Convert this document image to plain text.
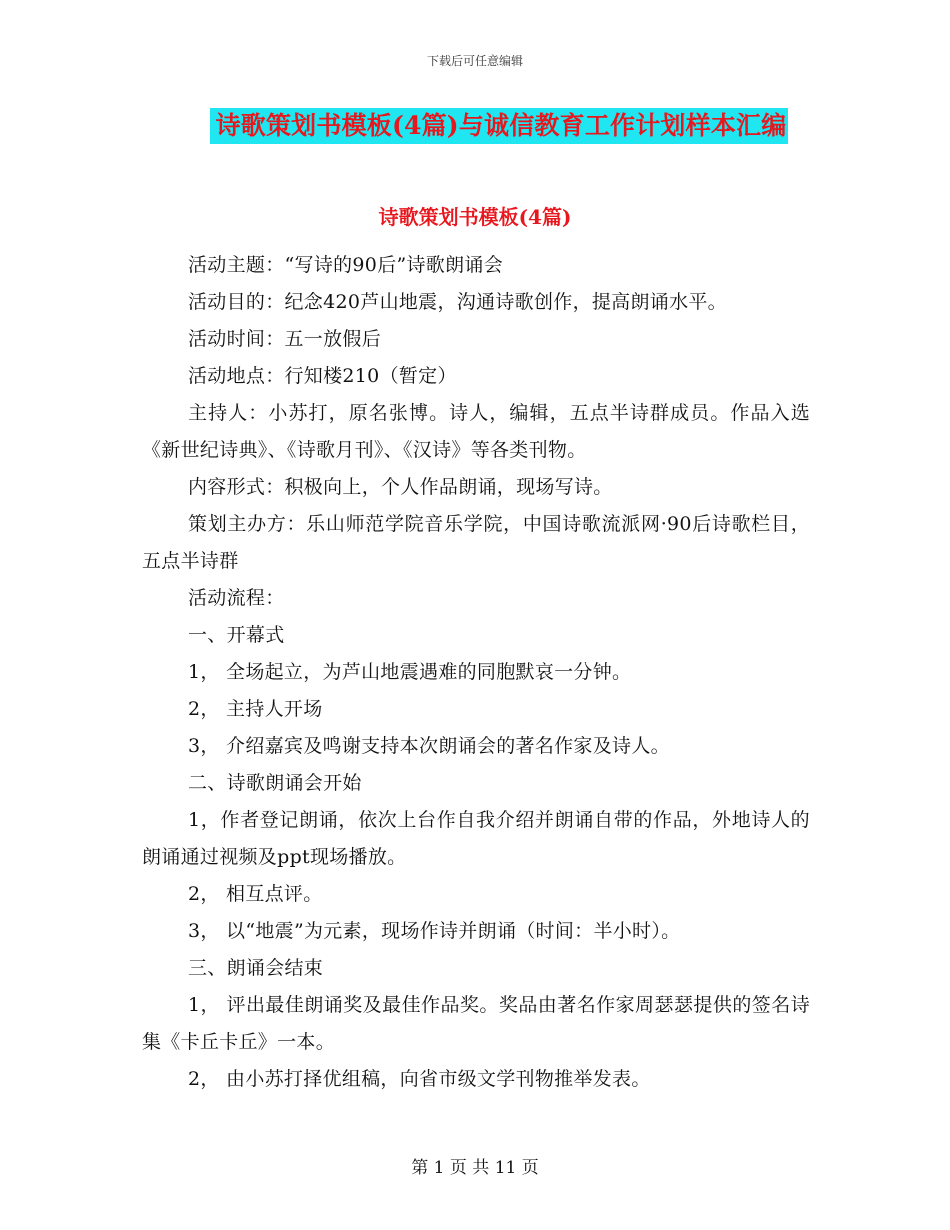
下载后可任意编辑
诗歌策划书模板(4篇)与诚信教育工作计划样本汇编
诗歌策划书模板(4篇)

活动主题：“写诗的90后”诗歌朗诵会

活动目的：纪念420芦山地震，沟通诗歌创作，提高朗诵水平。

活动时间：五一放假后

活动地点：行知楼210（暂定）

主持人：小苏打，原名张博。诗人，编辑，五点半诗群成员。作品入选《新世纪诗典》、《诗歌月刊》、《汉诗》等各类刊物。

内容形式：积极向上，个人作品朗诵，现场写诗。

策划主办方：乐山师范学院音乐学院，中国诗歌流派网·90后诗歌栏目，五点半诗群

活动流程：

一、开幕式

1， 全场起立，为芦山地震遇难的同胞默哀一分钟。

2， 主持人开场

3， 介绍嘉宾及鸣谢支持本次朗诵会的著名作家及诗人。

二、诗歌朗诵会开始

1，作者登记朗诵，依次上台作自我介绍并朗诵自带的作品，外地诗人的朗诵通过视频及ppt现场播放。

2， 相互点评。

3， 以“地震”为元素，现场作诗并朗诵（时间：半小时）。

三、朗诵会结束

1， 评出最佳朗诵奖及最佳作品奖。奖品由著名作家周瑟瑟提供的签名诗集《卡丘卡丘》一本。

2， 由小苏打择优组稿，向省市级文学刊物推举发表。

第 1 页 共 11 页
